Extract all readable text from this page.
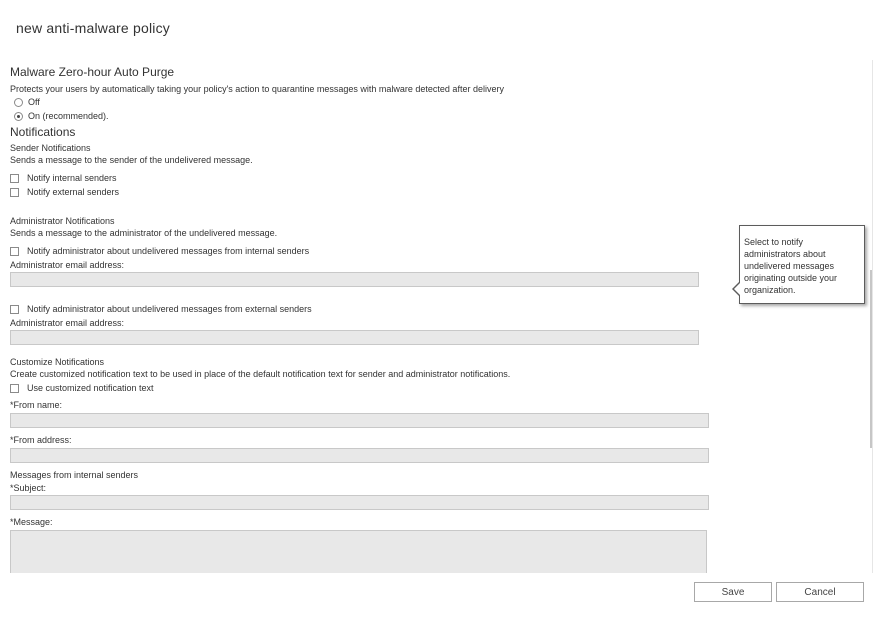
new anti-malware policy
Malware Zero-hour Auto Purge
Protects your users by automatically taking your policy's action to quarantine messages with malware detected after delivery
Off
On (recommended).
Notifications
Sender Notifications
Sends a message to the sender of the undelivered message.
Notify internal senders
Notify external senders
Administrator Notifications
Sends a message to the administrator of the undelivered message.
Notify administrator about undelivered messages from internal senders
Administrator email address:
Notify administrator about undelivered messages from external senders
Administrator email address:
Customize Notifications
Create customized notification text to be used in place of the default notification text for sender and administrator notifications.
Use customized notification text
*From name:
*From address:
Messages from internal senders
*Subject:
*Message:
Select to notify administrators about undelivered messages originating outside your organization.
Save	Cancel
